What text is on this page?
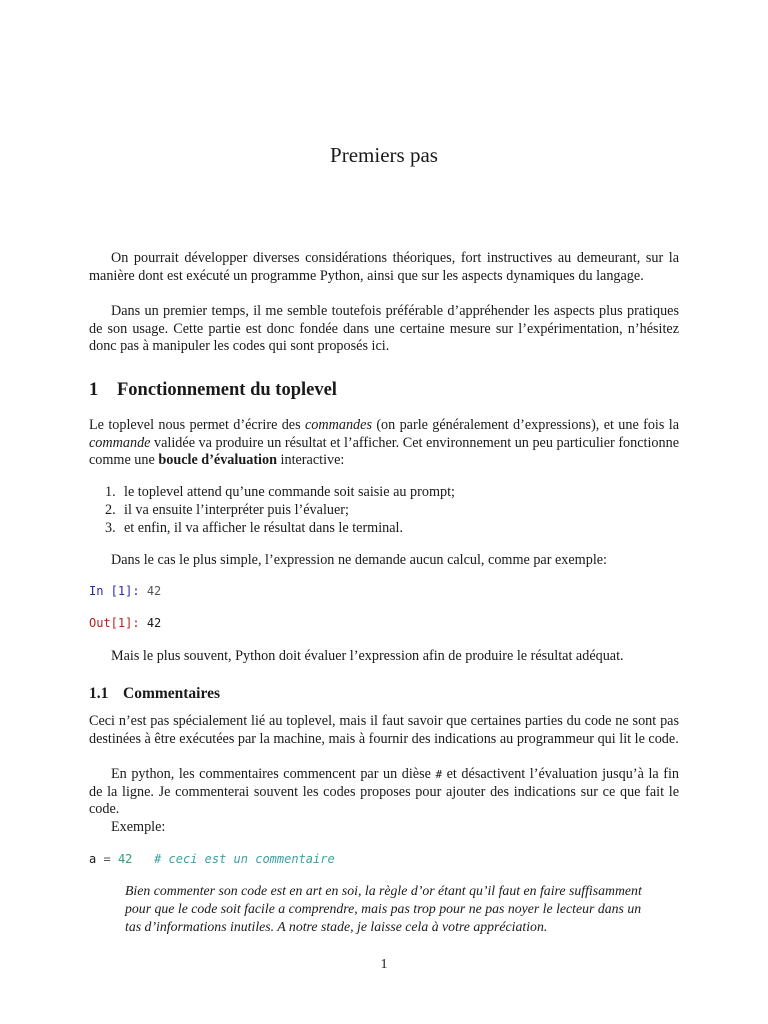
Premiers pas

On pourrait développer diverses considérations théoriques, fort instructives au demeurant, sur la manière dont est exécuté un programme Python, ainsi que sur les aspects dynamiques du langage.

Dans un premier temps, il me semble toutefois préférable d’appréhender les aspects plus pratiques de son usage. Cette partie est donc fondée dans une certaine mesure sur l’expérimentation, n’hésitez donc pas à manipuler les codes qui sont proposés ici.

1 Fonctionnement du toplevel

Le toplevel nous permet d’écrire des commandes (on parle généralement d’expressions), et une fois la commande validée va produire un résultat et l’afficher. Cet environnement un peu particulier fonctionne comme une boucle d’évaluation interactive:

1. le toplevel attend qu’une commande soit saisie au prompt;
2. il va ensuite l’interpréter puis l’évaluer;
3. et enfin, il va afficher le résultat dans le terminal.

Dans le cas le plus simple, l’expression ne demande aucun calcul, comme par exemple:

In [1]: 42
Out[1]: 42

Mais le plus souvent, Python doit évaluer l’expression afin de produire le résultat adéquat.

1.1 Commentaires

Ceci n’est pas spécialement lié au toplevel, mais il faut savoir que certaines parties du code ne sont pas destinées à être exécutées par la machine, mais à fournir des indications au programmeur qui lit le code.

En python, les commentaires commencent par un dièse # et désactivent l’évaluation jusqu’à la fin de la ligne. Je commenterai souvent les codes proposes pour ajouter des indications sur ce que fait le code.

Exemple:

a = 42 # ceci est un commentaire

Bien commenter son code est en art en soi, la règle d’or étant qu’il faut en faire suffisamment pour que le code soit facile a comprendre, mais pas trop pour ne pas noyer le lecteur dans un tas d’informations inutiles. A notre stade, je laisse cela à votre appréciation.

1
